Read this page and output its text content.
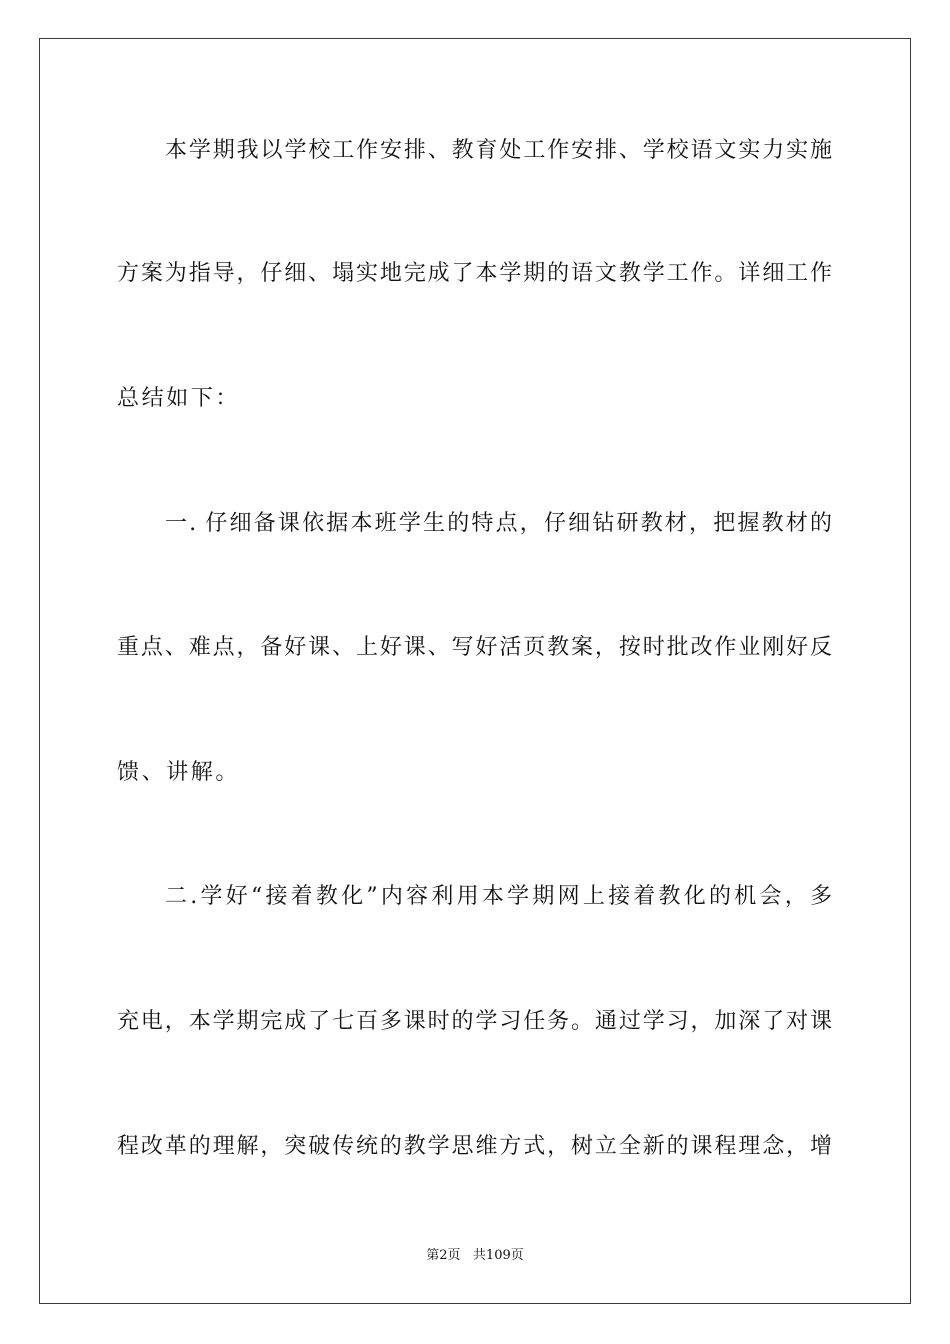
本学期我以学校工作安排、教育处工作安排、学校语文实力实施
方案为指导，仔细、塌实地完成了本学期的语文教学工作。详细工作
总结如下：
一. 仔细备课依据本班学生的特点，仔细钻研教材，把握教材的
重点、难点，备好课、上好课、写好活页教案，按时批改作业刚好反
馈、讲解。
二.学好“接着教化”内容利用本学期网上接着教化的机会，多
充电，本学期完成了七百多课时的学习任务。通过学习，加深了对课
程改革的理解，突破传统的教学思维方式，树立全新的课程理念，增
第2页   共109页
